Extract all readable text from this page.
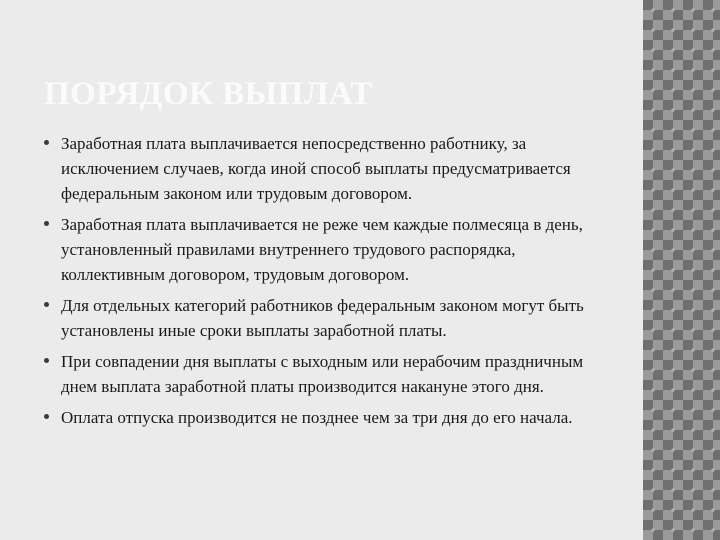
ПОРЯДОК ВЫПЛАТ
Заработная плата выплачивается непосредственно работнику, за исключением случаев, когда иной способ выплаты предусматривается федеральным законом или трудовым договором.
Заработная плата выплачивается не реже чем каждые полмесяца в день, установленный правилами внутреннего трудового распорядка, коллективным договором, трудовым договором.
Для отдельных категорий работников федеральным законом могут быть установлены иные сроки выплаты заработной платы.
При совпадении дня выплаты с выходным или нерабочим праздничным днем выплата заработной платы производится накануне этого дня.
Оплата отпуска производится не позднее чем за три дня до его начала.
